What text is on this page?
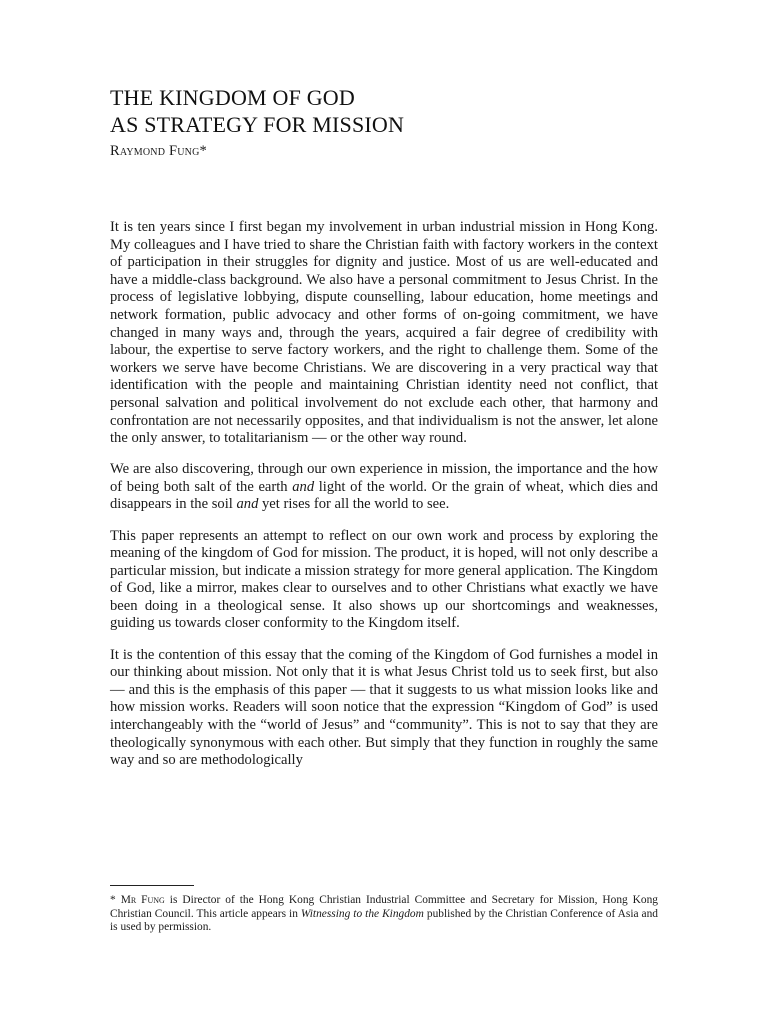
THE KINGDOM OF GOD
AS STRATEGY FOR MISSION
Raymond Fung*

It is ten years since I first began my involvement in urban industrial mission in Hong Kong. My colleagues and I have tried to share the Christian faith with factory workers in the context of participation in their struggles for dignity and justice. Most of us are well-educated and have a middle-class background. We also have a personal commitment to Jesus Christ. In the process of legislative lobbying, dispute counselling, labour education, home meetings and network formation, public advocacy and other forms of on-going commitment, we have changed in many ways and, through the years, acquired a fair degree of credibility with labour, the expertise to serve factory workers, and the right to challenge them. Some of the workers we serve have become Christians. We are discovering in a very practical way that identification with the people and maintaining Christian identity need not conflict, that personal salvation and political involvement do not exclude each other, that harmony and confrontation are not necessarily opposites, and that individualism is not the answer, let alone the only answer, to totalitarianism — or the other way round.

We are also discovering, through our own experience in mission, the importance and the how of being both salt of the earth and light of the world. Or the grain of wheat, which dies and disappears in the soil and yet rises for all the world to see.

This paper represents an attempt to reflect on our own work and process by exploring the meaning of the kingdom of God for mission. The product, it is hoped, will not only describe a particular mission, but indicate a mission strategy for more general application. The Kingdom of God, like a mirror, makes clear to ourselves and to other Christians what exactly we have been doing in a theological sense. It also shows up our shortcomings and weaknesses, guiding us towards closer conformity to the Kingdom itself.

It is the contention of this essay that the coming of the Kingdom of God furnishes a model in our thinking about mission. Not only that it is what Jesus Christ told us to seek first, but also — and this is the emphasis of this paper — that it suggests to us what mission looks like and how mission works. Readers will soon notice that the expression “Kingdom of God” is used interchangeably with the “world of Jesus” and “community”. This is not to say that they are theologically synonymous with each other. But simply that they function in roughly the same way and so are methodologically

* Mr Fung is Director of the Hong Kong Christian Industrial Committee and Secretary for Mission, Hong Kong Christian Council. This article appears in Witnessing to the Kingdom published by the Christian Conference of Asia and is used by permission.
